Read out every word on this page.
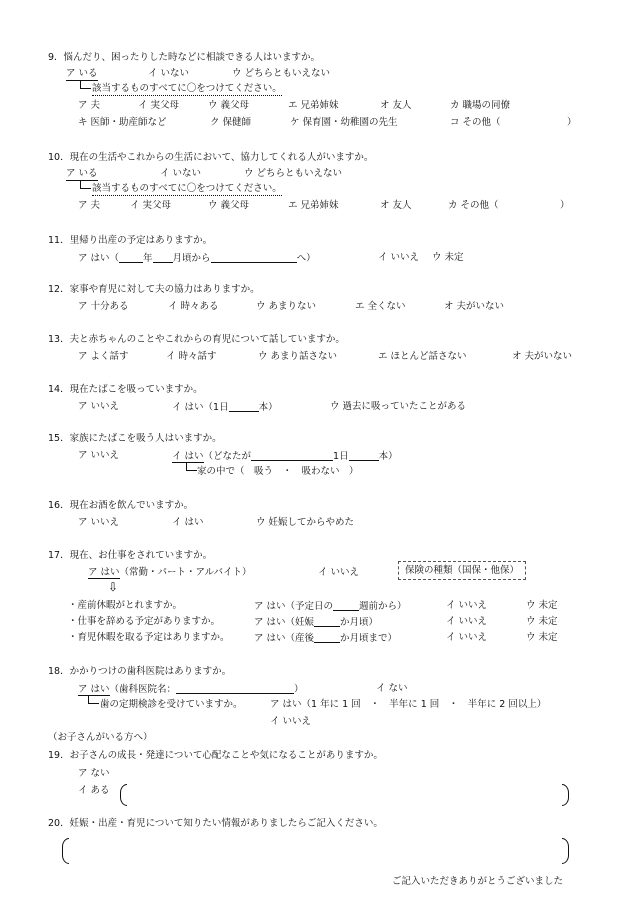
9．悩んだり、困ったりした時などに相談できる人はいますか。
ア いる	イ いない	ウ どちらともいえない
該当するものすべてに〇をつけてください。
ア 夫	イ 実父母	ウ 義父母	エ 兄弟姉妹	オ 友人	カ 職場の同僚
キ 医師・助産師など	ク 保健師	ケ 保育園・幼稚園の先生	コ その他（	）
10．現在の生活やこれからの生活において、協力してくれる人がいますか。
ア いる	イ いない	ウ どちらともいえない
該当するものすべてに〇をつけてください。
ア 夫	イ 実父母	ウ 義父母	エ 兄弟姉妹	オ 友人	カ その他（	）
11．里帰り出産の予定はありますか。
ア はい（	年 月頃から	へ）	イ いいえ ウ 未定
12．家事や育児に対して夫の協力はありますか。
ア 十分ある	イ 時々ある	ウ あまりない	エ 全くない	オ 夫がいない
13．夫と赤ちゃんのことやこれからの育児について話していますか。
ア よく話す	イ 時々話す	ウ あまり話さない	エ ほとんど話さない	オ 夫がいない
14．現在たばこを吸っていますか。
ア いいえ	イ はい（1日	本）	ウ 過去に吸っていたことがある
15．家族にたばこを吸う人はいますか。
ア いいえ	イ はい（どなたが	1日	本）
家の中で（　吸う　・　吸わない　）
16．現在お酒を飲んでいますか。
ア いいえ	イ はい	ウ 妊娠してからやめた
17．現在、お仕事をされていますか。
ア はい（常勤・パート・アルバイト）	イ いいえ	保険の種類（国保・他保）
⇩
・産前休暇がとれますか。	ア はい（予定日の	週前から）	イ いいえ	ウ 未定
・仕事を辞める予定がありますか。	ア はい（妊娠	か月頃）	イ いいえ	ウ 未定
・育児休暇を取る予定はありますか。	ア はい（産後	か月頃まで）	イ いいえ	ウ 未定
18．かかりつけの歯科医院はありますか。
ア はい（歯科医院名：	）	イ ない
歯の定期検診を受けていますか。	ア はい（1 年に 1 回　・　半年に 1 回　・　半年に 2 回以上）
イ いいえ
（お子さんがいる方へ）
19．お子さんの成長・発達について心配なことや気になることがありますか。
ア ない
イ ある
20．妊娠・出産・育児について知りたい情報がありましたらご記入ください。
ご記入いただきありがとうございました
